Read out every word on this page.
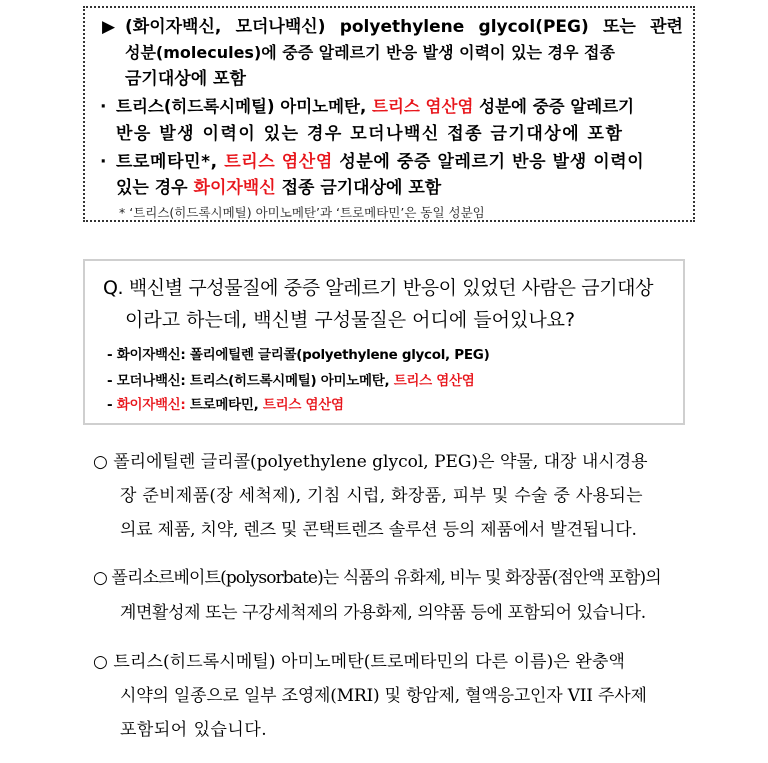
▶ (화이자백신, 모더나백신) polyethylene glycol(PEG) 또는 관련
성분(molecules)에 중증 알레르기 반응 발생 이력이 있는 경우 접종
금기대상에 포함
· 트리스(히드록시메틸) 아미노메탄, 트리스 염산염 성분에 중증 알레르기
반응 발생 이력이 있는 경우 모더나백신 접종 금기대상에 포함
· 트로메타민*, 트리스 염산염 성분에 중증 알레르기 반응 발생 이력이
있는 경우 화이자백신 접종 금기대상에 포함
* ‘트리스(히드록시메틸) 아미노메탄’과 ‘트로메타민’은 동일 성분임
Q. 백신별 구성물질에 중증 알레르기 반응이 있었던 사람은 금기대상
이라고 하는데, 백신별 구성물질은 어디에 들어있나요?
- 화이자백신: 폴리에틸렌 글리콜(polyethylene glycol, PEG)
- 모더나백신: 트리스(히드록시메틸) 아미노메탄, 트리스 염산염
- 화이자백신: 트로메타민, 트리스 염산염
○ 폴리에틸렌 글리콜(polyethylene glycol, PEG)은 약물, 대장 내시경용
장 준비제품(장 세척제), 기침 시럽, 화장품, 피부 및 수술 중 사용되는
의료 제품, 치약, 렌즈 및 콘택트렌즈 솔루션 등의 제품에서 발견됩니다.
○ 폴리소르베이트(polysorbate)는 식품의 유화제, 비누 및 화장품(점안액 포함)의
계면활성제 또는 구강세척제의 가용화제, 의약품 등에 포함되어 있습니다.
○ 트리스(히드록시메틸) 아미노메탄(트로메타민의 다른 이름)은 완충액
시약의 일종으로 일부 조영제(MRI) 및 항암제, 혈액응고인자 VII 주사제
포함되어 있습니다.
